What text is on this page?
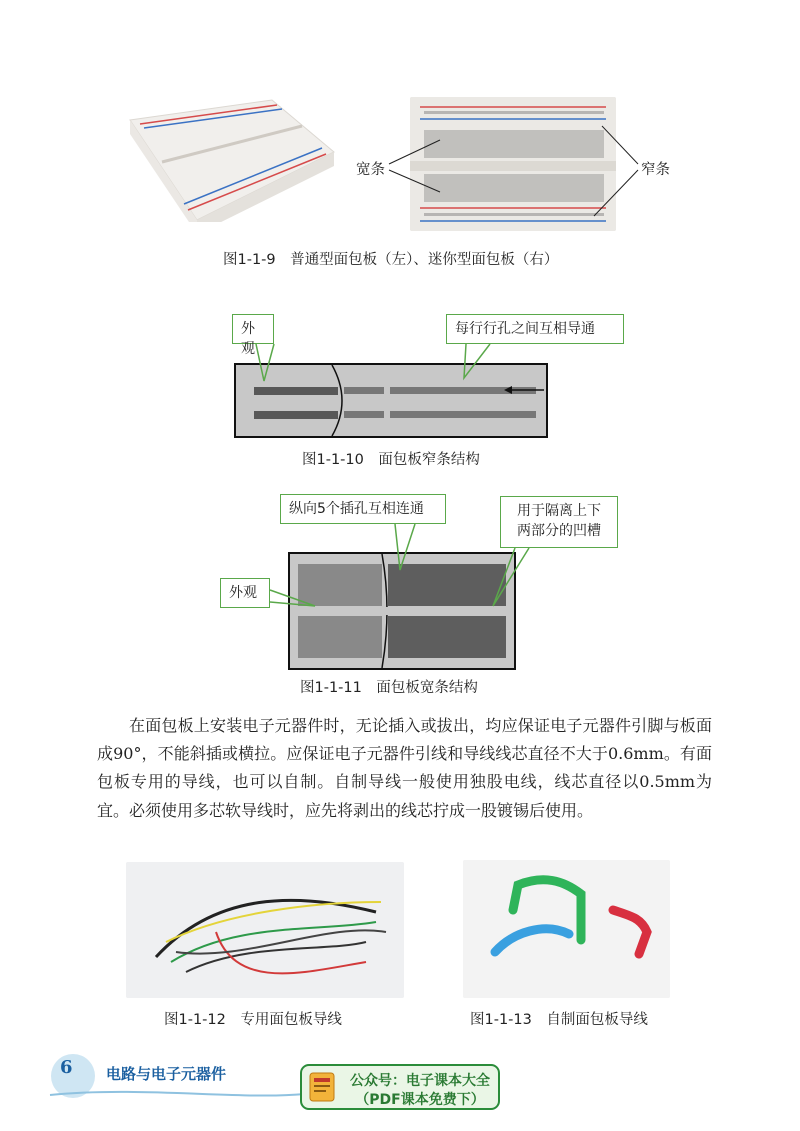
宽条	窄条
图1-1-9　普通型面包板（左）、迷你型面包板（右）
外观
每行行孔之间互相导通
图1-1-10　面包板窄条结构
纵向5个插孔互相连通	用于隔离上下
两部分的凹槽
外观
图1-1-11　面包板宽条结构

在面包板上安装电子元器件时，无论插入或拔出，均应保证电子元器件引脚与板面成90°，不能斜插或横拉。应保证电子元器件引线和导线线芯直径不大于0.6mm。有面包板专用的导线，也可以自制。自制导线一般使用独股电线，线芯直径以0.5mm为宜。必须使用多芯软导线时，应先将剥出的线芯拧成一股镀锡后使用。

图1-1-12　专用面包板导线	图1-1-13　自制面包板导线
6 电路与电子元器件	公众号：电子课本大全
（PDF课本免费下）
